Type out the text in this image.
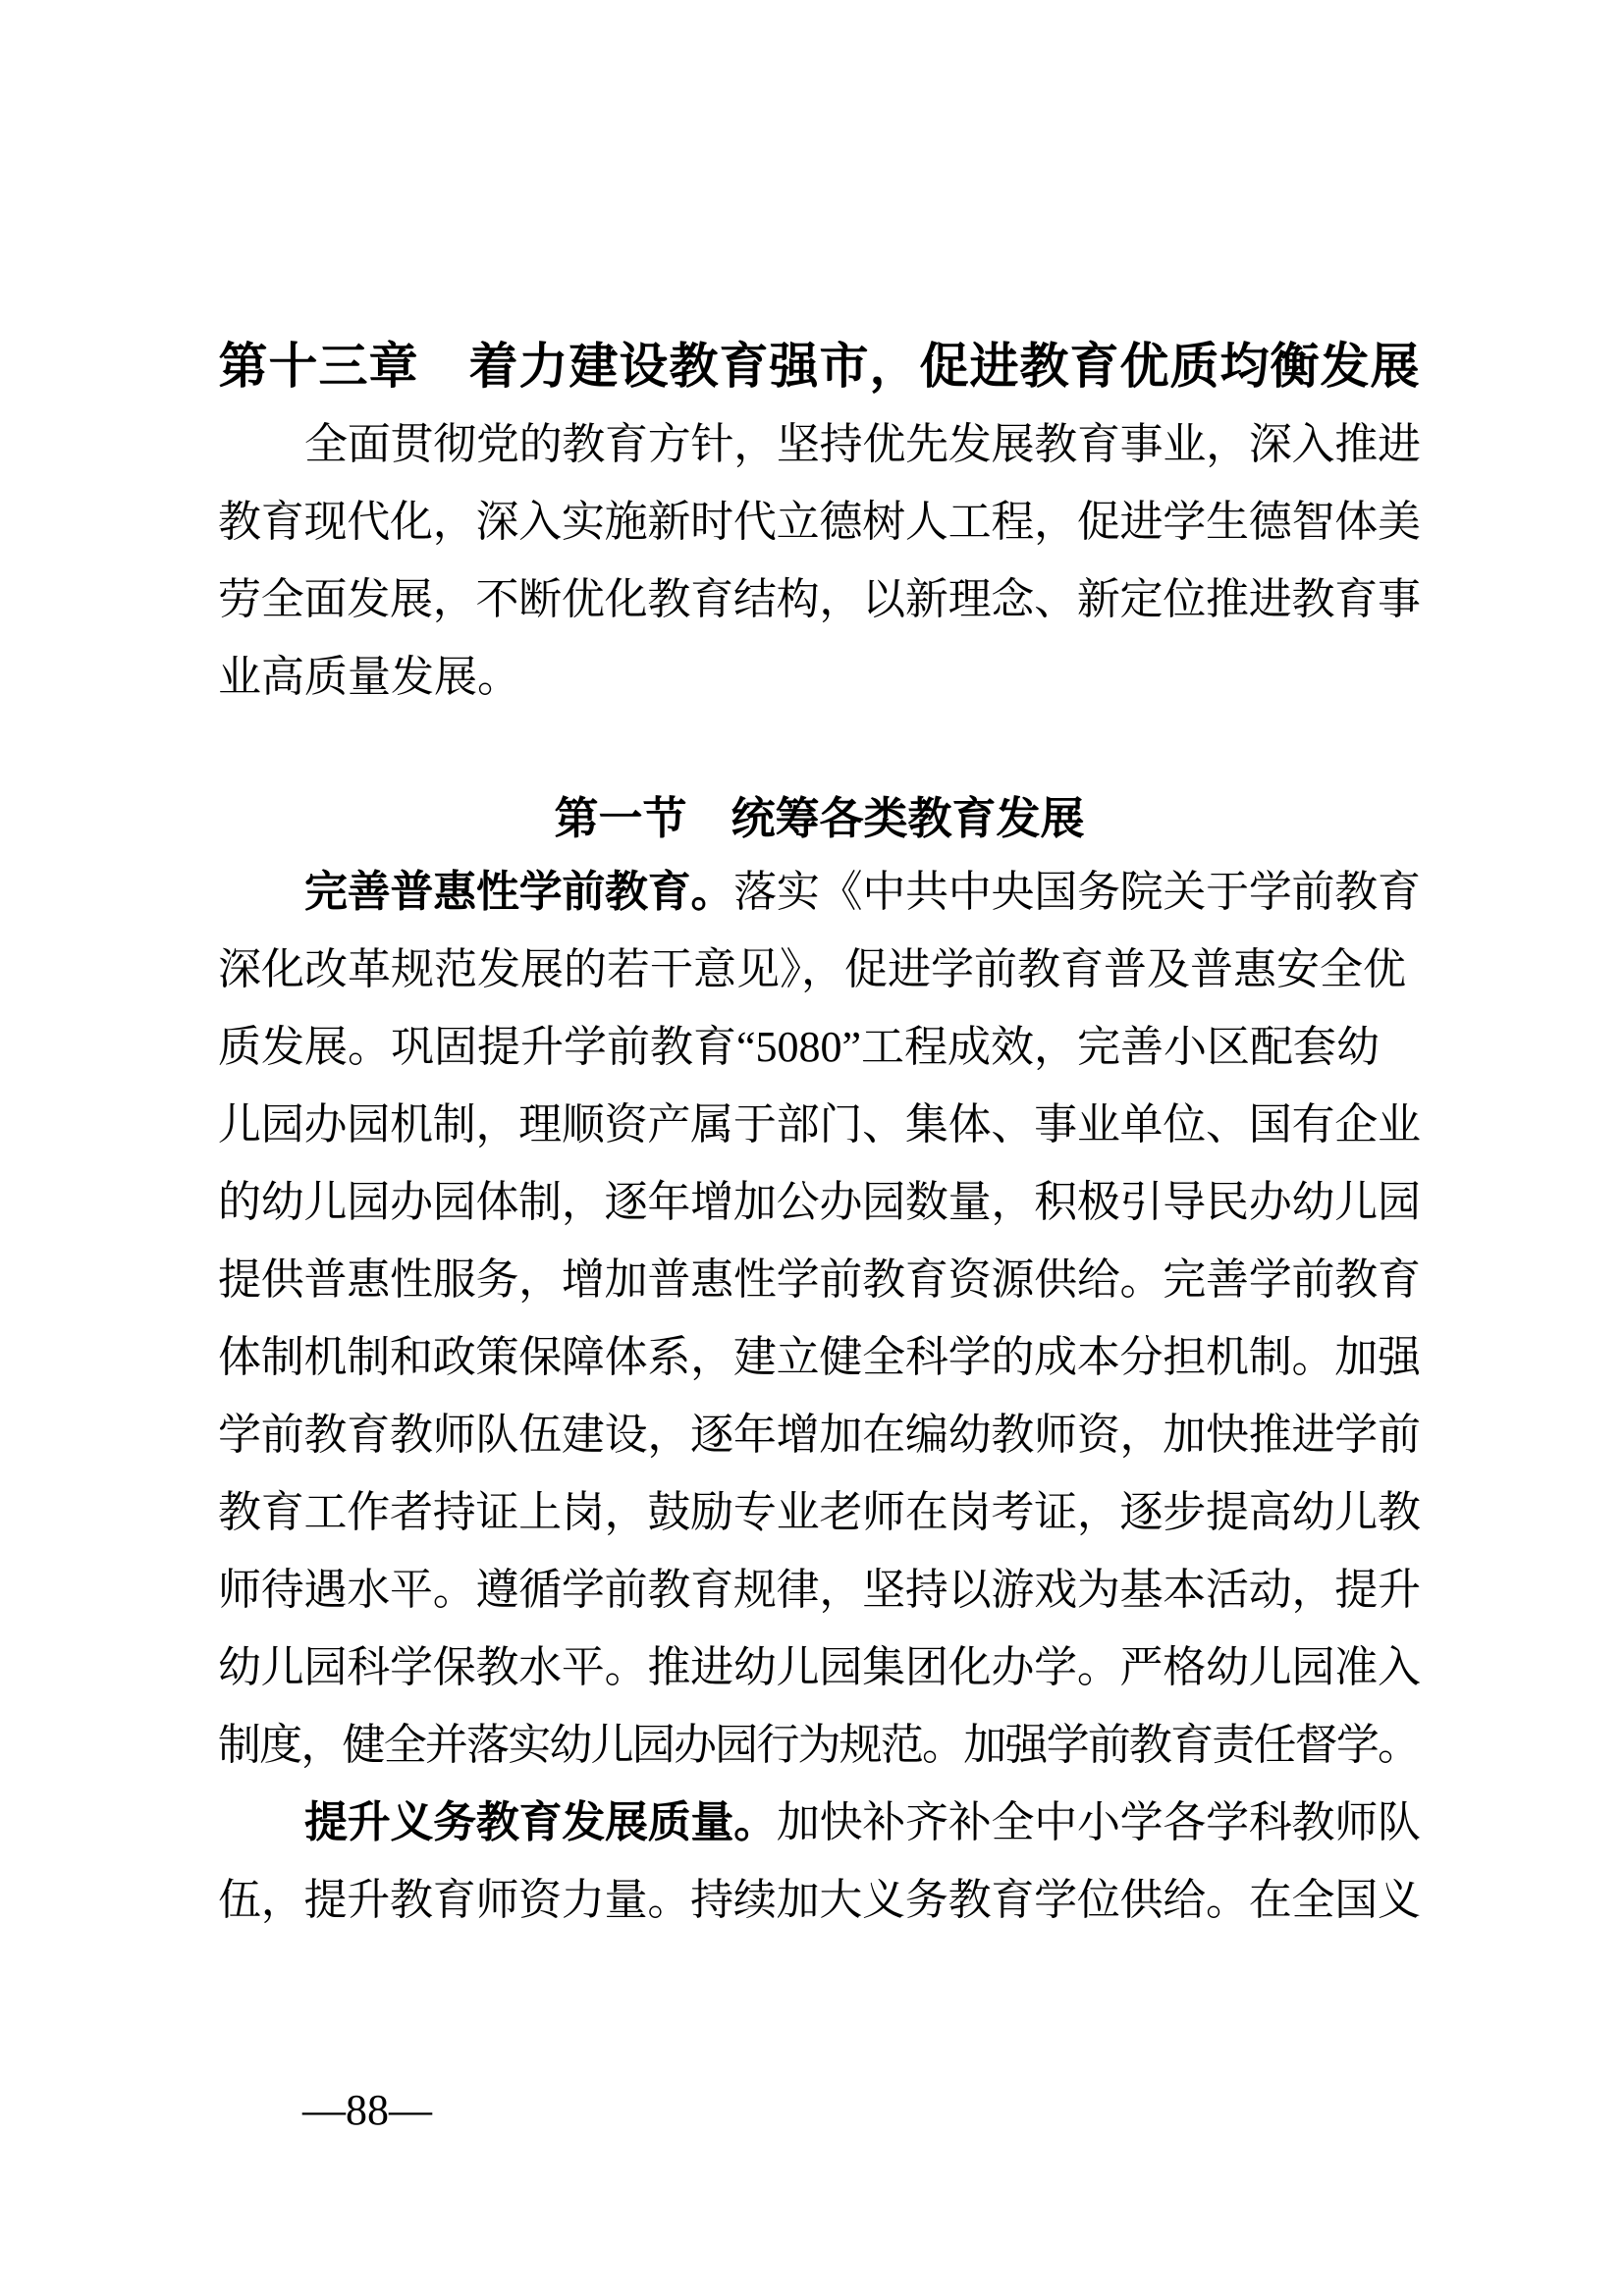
第十三章　着力建设教育强市，促进教育优质均衡发展
全面贯彻党的教育方针，坚持优先发展教育事业，深入推进
教育现代化，深入实施新时代立德树人工程，促进学生德智体美
劳全面发展，不断优化教育结构，以新理念、新定位推进教育事
业高质量发展。
第一节　统筹各类教育发展
完善普惠性学前教育。落实《中共中央国务院关于学前教育
深化改革规范发展的若干意见》，促进学前教育普及普惠安全优
质发展。巩固提升学前教育“5080”工程成效，完善小区配套幼
儿园办园机制，理顺资产属于部门、集体、事业单位、国有企业
的幼儿园办园体制，逐年增加公办园数量，积极引导民办幼儿园
提供普惠性服务，增加普惠性学前教育资源供给。完善学前教育
体制机制和政策保障体系，建立健全科学的成本分担机制。加强
学前教育教师队伍建设，逐年增加在编幼教师资，加快推进学前
教育工作者持证上岗，鼓励专业老师在岗考证，逐步提高幼儿教
师待遇水平。遵循学前教育规律，坚持以游戏为基本活动，提升
幼儿园科学保教水平。推进幼儿园集团化办学。严格幼儿园准入
制度，健全并落实幼儿园办园行为规范。加强学前教育责任督学。
提升义务教育发展质量。加快补齐补全中小学各学科教师队
伍，提升教育师资力量。持续加大义务教育学位供给。在全国义
—88—
